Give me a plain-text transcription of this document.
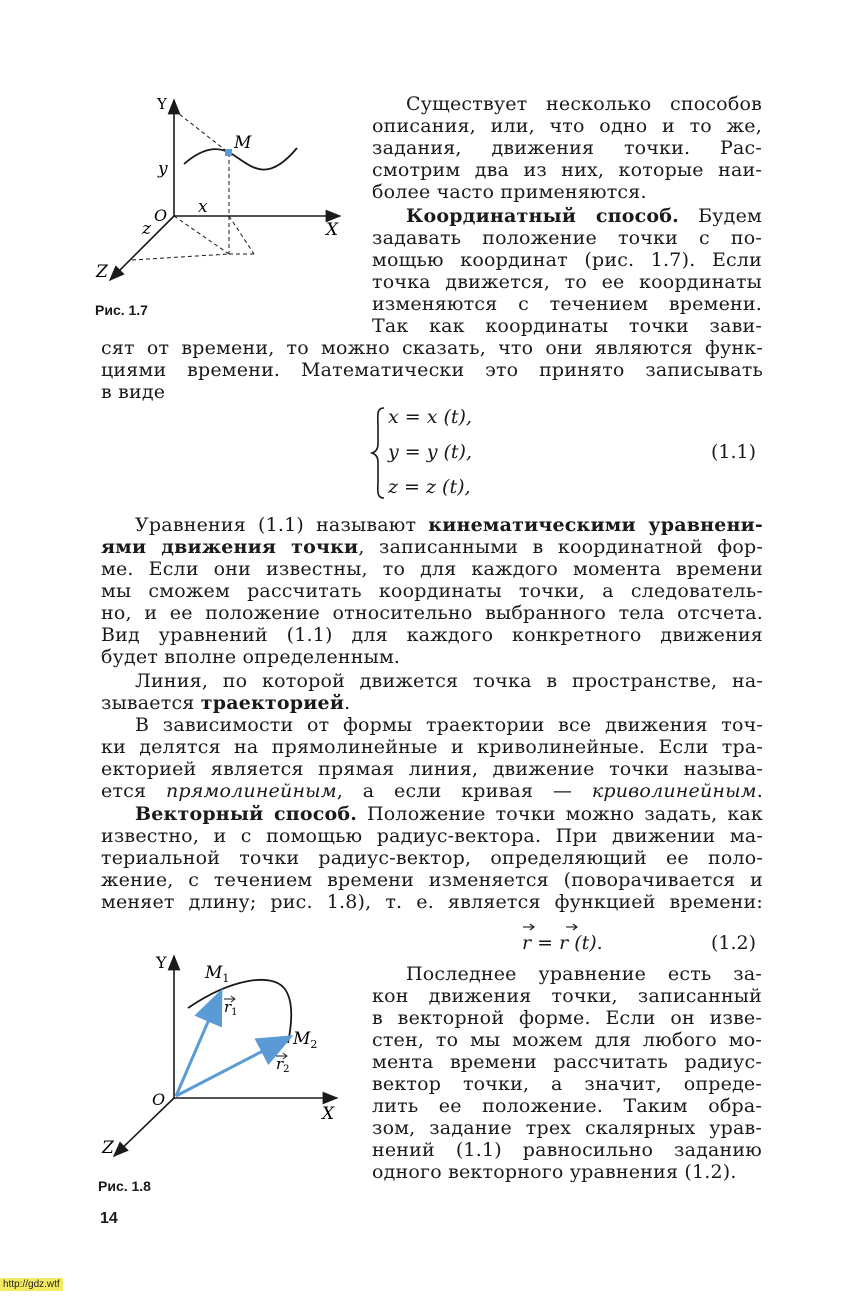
Y
M
y
O x
X
z
Z
Рис. 1.7
Существует несколько способов
описания, или, что одно и то же,
задания, движения точки. Рас-
смотрим два из них, которые наи-
более часто применяются.
Координатный способ. Будем
задавать положение точки с по-
мощью координат (рис. 1.7). Если
точка движется, то ее координаты
изменяются с течением времени.
Так как координаты точки зави-
сят от времени, то можно сказать, что они являются функ-
циями времени. Математически это принято записывать
в виде
x = x (t),
y = y (t),
z = z (t),
(1.1)
Уравнения (1.1) называют кинематическими уравнени-
ями движения точки, записанными в координатной фор-
ме. Если они известны, то для каждого момента времени
мы сможем рассчитать координаты точки, а следователь-
но, и ее положение относительно выбранного тела отсчета.
Вид уравнений (1.1) для каждого конкретного движения
будет вполне определенным.
Линия, по которой движется точка в пространстве, на-
зывается траекторией.
В зависимости от формы траектории все движения точ-
ки делятся на прямолинейные и криволинейные. Если тра-
екторией является прямая линия, движение точки называ-
ется прямолинейным, а если кривая — криволинейным.
Векторный способ. Положение точки можно задать, как
известно, и с помощью радиус-вектора. При движении ма-
териальной точки радиус-вектор, определяющий ее поло-
жение, с течением времени изменяется (поворачивается и
меняет длину; рис. 1.8), т. е. является функцией времени:
r = r (t).	(1.2)
Y
$M_1$
$r_1$
$M_2$
$r_2$
O
X
Z
Рис. 1.8
Последнее уравнение есть за-
кон движения точки, записанный
в векторной форме. Если он изве-
стен, то мы можем для любого мо-
мента времени рассчитать радиус-
вектор точки, а значит, опреде-
лить ее положение. Таким обра-
зом, задание трех скалярных урав-
нений (1.1) равносильно заданию
одного векторного уравнения (1.2).
14
http://gdz.wtf
